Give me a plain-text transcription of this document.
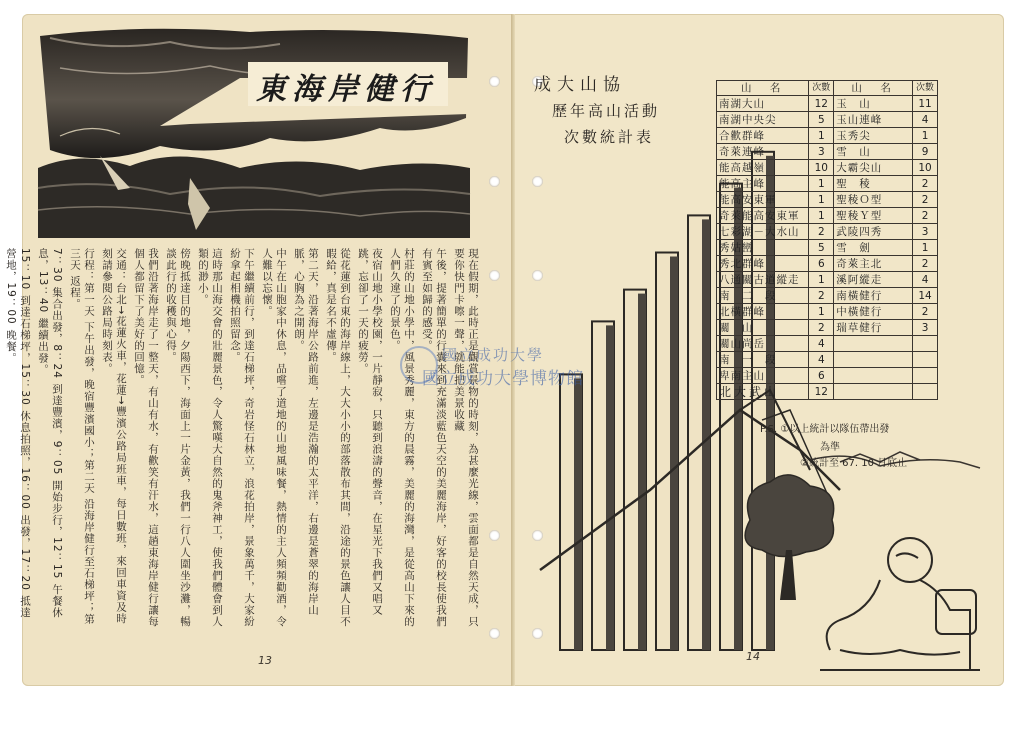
東海岸健行
現在假期，此時正是觀賞景物的時刻，為甚麼光線，雲面都是自然天成，只要你快門卡嚓一聲，就能把美景收藏
午後，提著簡單的行囊來到充滿淡藍色天空的美麗海岸，好客的校長使我們有賓至如歸的感受。
村莊的山地小學中，風景秀麗，東方的晨霧，美麗的海灣，是從高山下來的人們久違了的景色。
夜宿山地小學校園，一片靜寂，只聽到浪濤的聲音，在星光下我們又唱又跳，忘卻了一天的疲勞。
從花蓮到台東的海岸線上，大大小小的部落散布其間，沿途的景色讓人目不暇給，真是名不虛傳。
第二天，沿著海岸公路前進，左邊是浩瀚的太平洋，右邊是蒼翠的海岸山脈，心胸為之開朗。
中午在山胞家中休息，品嚐了道地的山地風味餐，熱情的主人頻頻勸酒，令人難以忘懷。
下午繼續前行，到達石梯坪，奇岩怪石林立，浪花拍岸，景象萬千，大家紛紛拿起相機拍照留念。
這時那山海交會的壯麗景色，令人驚嘆大自然的鬼斧神工，使我們體會到人類的渺小。
傍晚抵達目的地，夕陽西下，海面上一片金黃，我們一行八人圍坐沙灘，暢談此行的收穫與心得。
我們沿著海岸走了一整天，有山有水，有歡笑有汗水，這趟東海岸健行讓每個人都留下了美好的回憶。
交通：台北→花蓮火車，花蓮→豐濱公路局班車，每日數班，來回車資及時刻請參閱公路局時刻表。
行程：第一天 下午出發，晚宿豐濱國小；第二天 沿海岸健行至石梯坪；第三天 返程。
7：30 集合出發，8：24 到達豐濱，9：05 開始步行，12：15 午餐休息，13：40 繼續出發。
15：10 到達石梯坪，15：30 休息拍照，16：00 出發，17：20 抵達營地，19：00 晚餐。
13
成大山協
歷年高山活動
次數統計表
山　名	次數	山　名	次數
南湖大山	12	玉　山	11
南湖中央尖	5	玉山連峰	4
合歡群峰	1	玉秀尖	1
奇萊連峰	3	雪　山	9
能高越嶺	10	大霸尖山	10
能高主峰	1	聖　稜	2
能高安東軍	1	聖稜Ｏ型	2
奇萊能高安東軍	1	聖稜Ｙ型	2
七彩湖－大水山	2	武陵四秀	3
秀姑巒	5	雪　劍	1
秀北群峰	6	奇萊主北	2
八通關古道縱走	1	溪阿縱走	4
南　二　段	2	南橫健行	14
北橫群峰	1	中橫健行	2
關　山	2	瑞草健行	3
關山尚岳	4		
南　一　段	4		
卑南主山	6		
北大武山	12		
P.S. ①以上統計以隊伍帶出發
為準
②統計至 67. 10 月底止
14
國立成功大學
國立成功大學博物館
